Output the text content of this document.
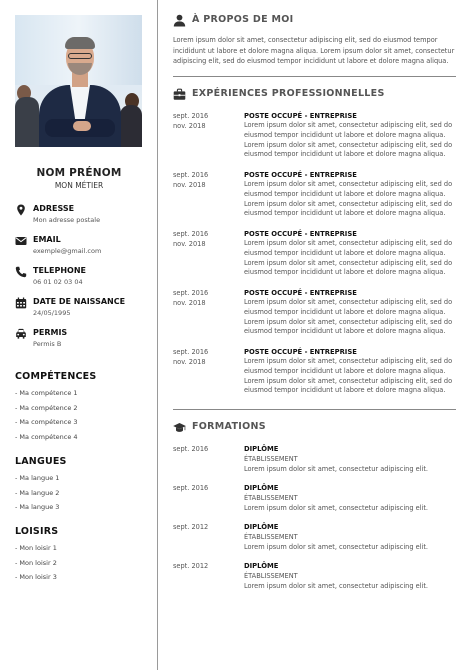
NOM PRÉNOM
MON MÉTIER
ADRESSE
Mon adresse postale
EMAIL
exemple@gmail.com
TELEPHONE
06 01 02 03 04
DATE DE NAISSANCE
24/05/1995
PERMIS
Permis B
COMPÉTENCES
- Ma compétence 1
- Ma compétence 2
- Ma compétence 3
- Ma compétence 4
LANGUES
- Ma langue 1
- Ma langue 2
- Ma langue 3
LOISIRS
- Mon loisir 1
- Mon loisir 2
- Mon loisir 3
À PROPOS DE MOI

Lorem ipsum dolor sit amet, consectetur adipiscing elit, sed do eiusmod tempor incididunt ut labore et dolore magna aliqua. Lorem ipsum dolor sit amet, consectetur adipiscing elit, sed do eiusmod tempor incididunt ut labore et dolore magna aliqua.

EXPÉRIENCES PROFESSIONNELLES
sept. 2016
nov. 2018
POSTE OCCUPÉ - ENTREPRISE
Lorem ipsum dolor sit amet, consectetur adipiscing elit, sed do eiusmod tempor incididunt ut labore et dolore magna aliqua. Lorem ipsum dolor sit amet, consectetur adipiscing elit, sed do eiusmod tempor incididunt ut labore et dolore magna aliqua.
sept. 2016
nov. 2018
POSTE OCCUPÉ - ENTREPRISE
Lorem ipsum dolor sit amet, consectetur adipiscing elit, sed do eiusmod tempor incididunt ut labore et dolore magna aliqua. Lorem ipsum dolor sit amet, consectetur adipiscing elit, sed do eiusmod tempor incididunt ut labore et dolore magna aliqua.
sept. 2016
nov. 2018
POSTE OCCUPÉ - ENTREPRISE
Lorem ipsum dolor sit amet, consectetur adipiscing elit, sed do eiusmod tempor incididunt ut labore et dolore magna aliqua. Lorem ipsum dolor sit amet, consectetur adipiscing elit, sed do eiusmod tempor incididunt ut labore et dolore magna aliqua.
sept. 2016
nov. 2018
POSTE OCCUPÉ - ENTREPRISE
Lorem ipsum dolor sit amet, consectetur adipiscing elit, sed do eiusmod tempor incididunt ut labore et dolore magna aliqua. Lorem ipsum dolor sit amet, consectetur adipiscing elit, sed do eiusmod tempor incididunt ut labore et dolore magna aliqua.
sept. 2016
nov. 2018
POSTE OCCUPÉ - ENTREPRISE
Lorem ipsum dolor sit amet, consectetur adipiscing elit, sed do eiusmod tempor incididunt ut labore et dolore magna aliqua. Lorem ipsum dolor sit amet, consectetur adipiscing elit, sed do eiusmod tempor incididunt ut labore et dolore magna aliqua.
FORMATIONS
sept. 2016	DIPLÔME
ÉTABLISSEMENT
Lorem ipsum dolor sit amet, consectetur adipiscing elit.
sept. 2016	DIPLÔME
ÉTABLISSEMENT
Lorem ipsum dolor sit amet, consectetur adipiscing elit.
sept. 2012	DIPLÔME
ÉTABLISSEMENT
Lorem ipsum dolor sit amet, consectetur adipiscing elit.
sept. 2012	DIPLÔME
ÉTABLISSEMENT
Lorem ipsum dolor sit amet, consectetur adipiscing elit.
